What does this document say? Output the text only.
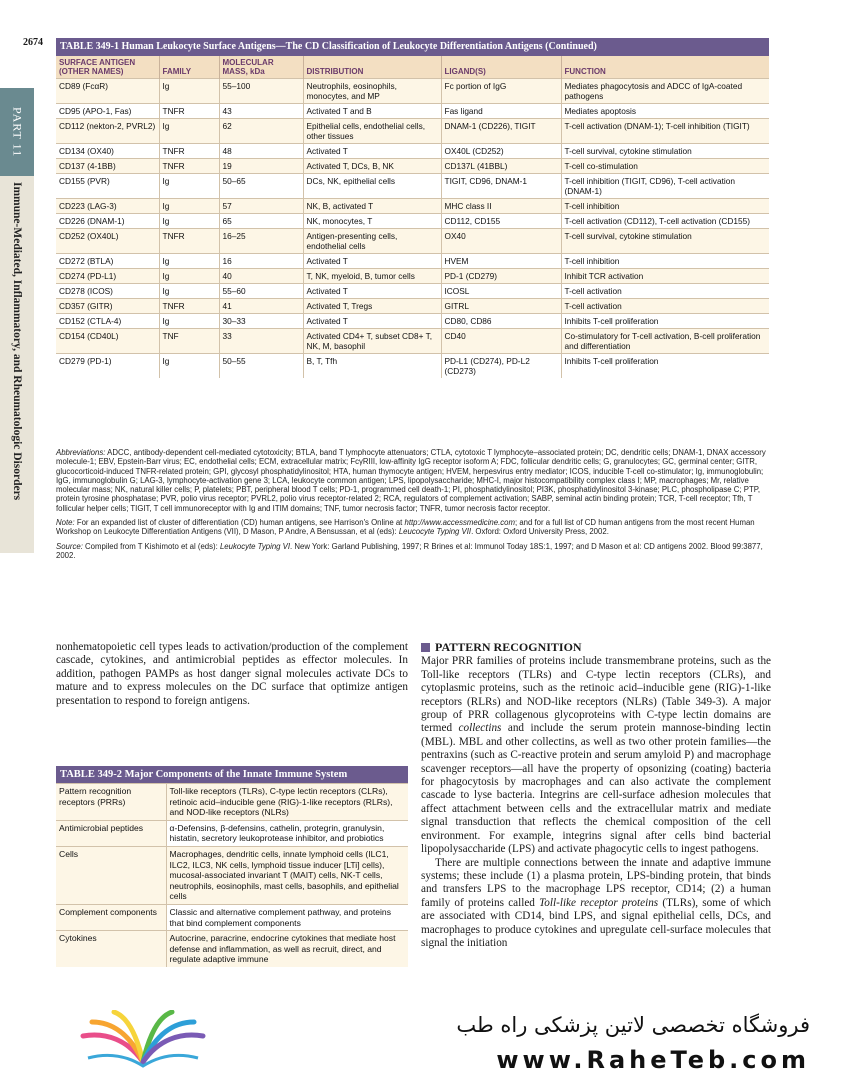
2674
PART 11
Immune-Mediated, Inflammatory, and Rheumatologic Disorders
TABLE 349-1 Human Leukocyte Surface Antigens—The CD Classification of Leukocyte Differentiation Antigens (Continued)
SURFACE ANTIGEN (OTHER NAMES)	FAMILY	MOLECULAR MASS, kDa	DISTRIBUTION	LIGAND(S)	FUNCTION
CD89 (FcαR)	Ig	55–100	Neutrophils, eosinophils, monocytes, and MP	Fc portion of IgG	Mediates phagocytosis and ADCC of IgA-coated pathogens
CD95 (APO-1, Fas)	TNFR	43	Activated T and B	Fas ligand	Mediates apoptosis
CD112 (nekton-2, PVRL2)	Ig	62	Epithelial cells, endothelial cells, other tissues	DNAM-1 (CD226), TIGIT	T-cell activation (DNAM-1); T-cell inhibition (TIGIT)
CD134 (OX40)	TNFR	48	Activated T	OX40L (CD252)	T-cell survival, cytokine stimulation
CD137 (4-1BB)	TNFR	19	Activated T, DCs, B, NK	CD137L (41BBL)	T-cell co-stimulation
CD155 (PVR)	Ig	50–65	DCs, NK, epithelial cells	TIGIT, CD96, DNAM-1	T-cell inhibition (TIGIT, CD96), T-cell activation (DNAM-1)
CD223 (LAG-3)	Ig	57	NK, B, activated T	MHC class II	T-cell inhibition
CD226 (DNAM-1)	Ig	65	NK, monocytes, T	CD112, CD155	T-cell activation (CD112), T-cell activation (CD155)
CD252 (OX40L)	TNFR	16–25	Antigen-presenting cells, endothelial cells	OX40	T-cell survival, cytokine stimulation
CD272 (BTLA)	Ig	16	Activated T	HVEM	T-cell inhibition
CD274 (PD-L1)	Ig	40	T, NK, myeloid, B, tumor cells	PD-1 (CD279)	Inhibit TCR activation
CD278 (ICOS)	Ig	55–60	Activated T	ICOSL	T-cell activation
CD357 (GITR)	TNFR	41	Activated T, Tregs	GITRL	T-cell activation
CD152 (CTLA-4)	Ig	30–33	Activated T	CD80, CD86	Inhibits T-cell proliferation
CD154 (CD40L)	TNF	33	Activated CD4+ T, subset CD8+ T, NK, M, basophil	CD40	Co-stimulatory for T-cell activation, B-cell proliferation and differentiation
CD279 (PD-1)	Ig	50–55	B, T, Tfh	PD-L1 (CD274), PD-L2 (CD273)	Inhibits T-cell proliferation

Abbreviations: ADCC, antibody-dependent cell-mediated cytotoxicity; BTLA, band T lymphocyte attenuators; CTLA, cytotoxic T lymphocyte–associated protein; DC, dendritic cells; DNAM-1, DNAX accessory molecule-1; EBV, Epstein-Barr virus; EC, endothelial cells; ECM, extracellular matrix; FcγRIII, low-affinity IgG receptor isoform A; FDC, follicular dendritic cells; G, granulocytes; GC, germinal center; GITR, glucocorticoid-induced TNFR-related protein; GPI, glycosyl phosphatidylinositol; HTA, human thymocyte antigen; HVEM, herpesvirus entry mediator; ICOS, inducible T-cell co-stimulator; Ig, immunoglobulin; IgG, immunoglobulin G; LAG-3, lymphocyte-activation gene 3; LCA, leukocyte common antigen; LPS, lipopolysaccharide; MHC-I, major histocompatibility complex class I; MP, macrophages; Mr, relative molecular mass; NK, natural killer cells; P, platelets; PBT, peripheral blood T cells; PD-1, programmed cell death-1; PI, phosphatidylinositol; PI3K, phosphatidylinositol 3-kinase; PLC, phospholipase C; PTP, protein tyrosine phosphatase; PVR, polio virus receptor; PVRL2, polio virus receptor-related 2; RCA, regulators of complement activation; SABP, seminal actin binding protein; TCR, T-cell receptor; Tfh, T follicular helper cells; TIGIT, T cell immunoreceptor with Ig and ITIM domains; TNF, tumor necrosis factor; TNFR, tumor necrosis factor receptor.

Note: For an expanded list of cluster of differentiation (CD) human antigens, see Harrison's Online at http://www.accessmedicine.com; and for a full list of CD human antigens from the most recent Human Workshop on Leukocyte Differentiation Antigens (VII), D Mason, P Andre, A Bensussan, et al (eds): Leucocyte Typing VII. Oxford: Oxford University Press, 2002.

Source: Compiled from T Kishimoto et al (eds): Leukocyte Typing VI. New York: Garland Publishing, 1997; R Brines et al: Immunol Today 18S:1, 1997; and D Mason et al: CD antigens 2002. Blood 99:3877, 2002.

nonhematopoietic cell types leads to activation/production of the complement cascade, cytokines, and antimicrobial peptides as effector molecules. In addition, pathogen PAMPs as host danger signal molecules activate DCs to mature and to express molecules on the DC surface that optimize antigen presentation to respond to foreign antigens.
TABLE 349-2 Major Components of the Innate Immune System
Pattern recognition receptors (PRRs)	Toll-like receptors (TLRs), C-type lectin receptors (CLRs), retinoic acid–inducible gene (RIG)-1-like receptors (RLRs), and NOD-like receptors (NLRs)
Antimicrobial peptides	α-Defensins, β-defensins, cathelin, protegrin, granulysin, histatin, secretory leukoprotease inhibitor, and probiotics
Cells	Macrophages, dendritic cells, innate lymphoid cells (ILC1, ILC2, ILC3, NK cells, lymphoid tissue inducer [LTi] cells), mucosal-associated invariant T (MAIT) cells, NK-T cells, neutrophils, eosinophils, mast cells, basophils, and epithelial cells
Complement components	Classic and alternative complement pathway, and proteins that bind complement components
Cytokines	Autocrine, paracrine, endocrine cytokines that mediate host defense and inflammation, as well as recruit, direct, and regulate adaptive immune
PATTERN RECOGNITION

Major PRR families of proteins include transmembrane proteins, such as the Toll-like receptors (TLRs) and C-type lectin receptors (CLRs), and cytoplasmic proteins, such as the retinoic acid–inducible gene (RIG)-1-like receptors (RLRs) and NOD-like receptors (NLRs) (Table 349-3). A major group of PRR collagenous glycoproteins with C-type lectin domains are termed collectins and include the serum protein mannose-binding lectin (MBL). MBL and other collectins, as well as two other protein families—the pentraxins (such as C-reactive protein and serum amyloid P) and macrophage scavenger receptors—all have the property of opsonizing (coating) bacteria for phagocytosis by macrophages and can also activate the complement cascade to lyse bacteria. Integrins are cell-surface adhesion molecules that affect attachment between cells and the extracellular matrix and mediate signal transduction that reflects the chemical composition of the cell environment. For example, integrins signal after cells bind bacterial lipopolysaccharide (LPS) and activate phagocytic cells to ingest pathogens.

There are multiple connections between the innate and adaptive immune systems; these include (1) a plasma protein, LPS-binding protein, that binds and transfers LPS to the macrophage LPS receptor, CD14; (2) a human family of proteins called Toll-like receptor proteins (TLRs), some of which are associated with CD14, bind LPS, and signal epithelial cells, DCs, and macrophages to produce cytokines and upregulate cell-surface molecules that signal the initiation

فروشگاه تخصصی لاتین پزشکی راه طب
www.RaheTeb.com
